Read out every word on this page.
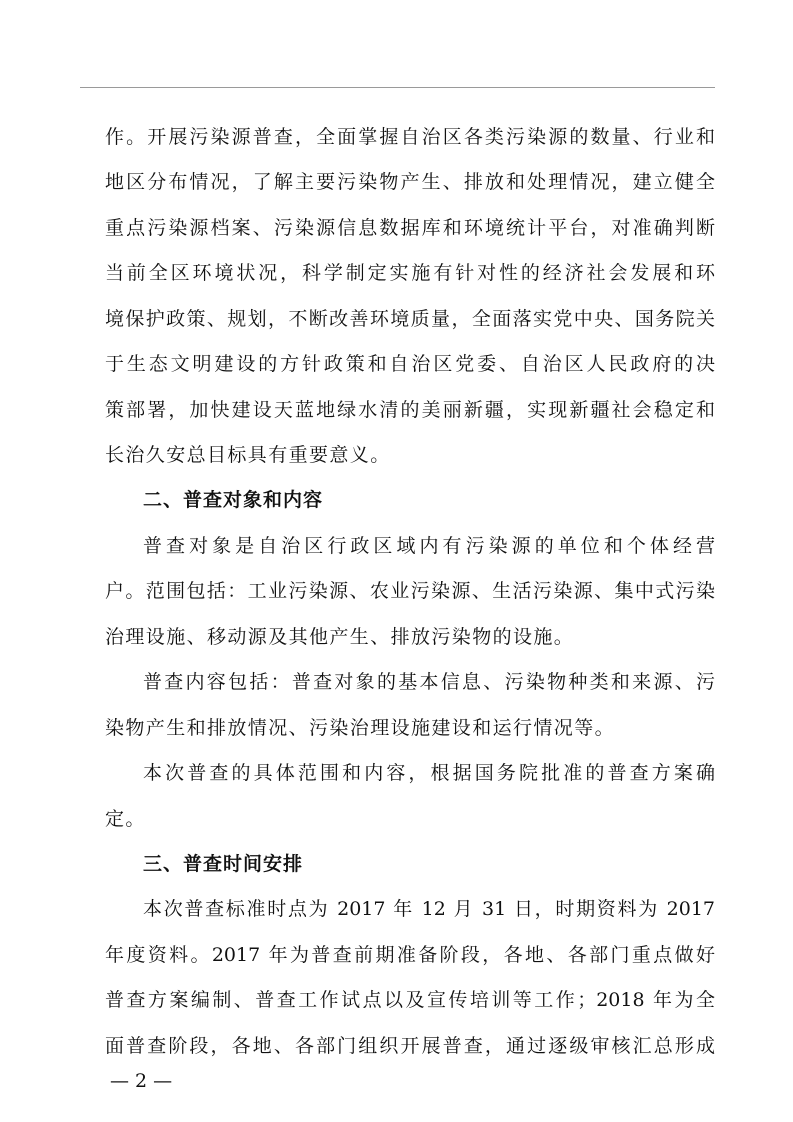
作。开展污染源普查，全面掌握自治区各类污染源的数量、行业和
地区分布情况，了解主要污染物产生、排放和处理情况，建立健全
重点污染源档案、污染源信息数据库和环境统计平台，对准确判断
当前全区环境状况，科学制定实施有针对性的经济社会发展和环
境保护政策、规划，不断改善环境质量，全面落实党中央、国务院关
于生态文明建设的方针政策和自治区党委、自治区人民政府的决
策部署，加快建设天蓝地绿水清的美丽新疆，实现新疆社会稳定和
长治久安总目标具有重要意义。
二、普查对象和内容
普查对象是自治区行政区域内有污染源的单位和个体经营
户。范围包括：工业污染源、农业污染源、生活污染源、集中式污染
治理设施、移动源及其他产生、排放污染物的设施。
普查内容包括：普查对象的基本信息、污染物种类和来源、污
染物产生和排放情况、污染治理设施建设和运行情况等。
本次普查的具体范围和内容，根据国务院批准的普查方案确
定。
三、普查时间安排
本次普查标准时点为 2017 年 12 月 31 日，时期资料为 2017
年度资料。2017 年为普查前期准备阶段，各地、各部门重点做好
普查方案编制、普查工作试点以及宣传培训等工作；2018 年为全
面普查阶段，各地、各部门组织开展普查，通过逐级审核汇总形成
— 2 —
